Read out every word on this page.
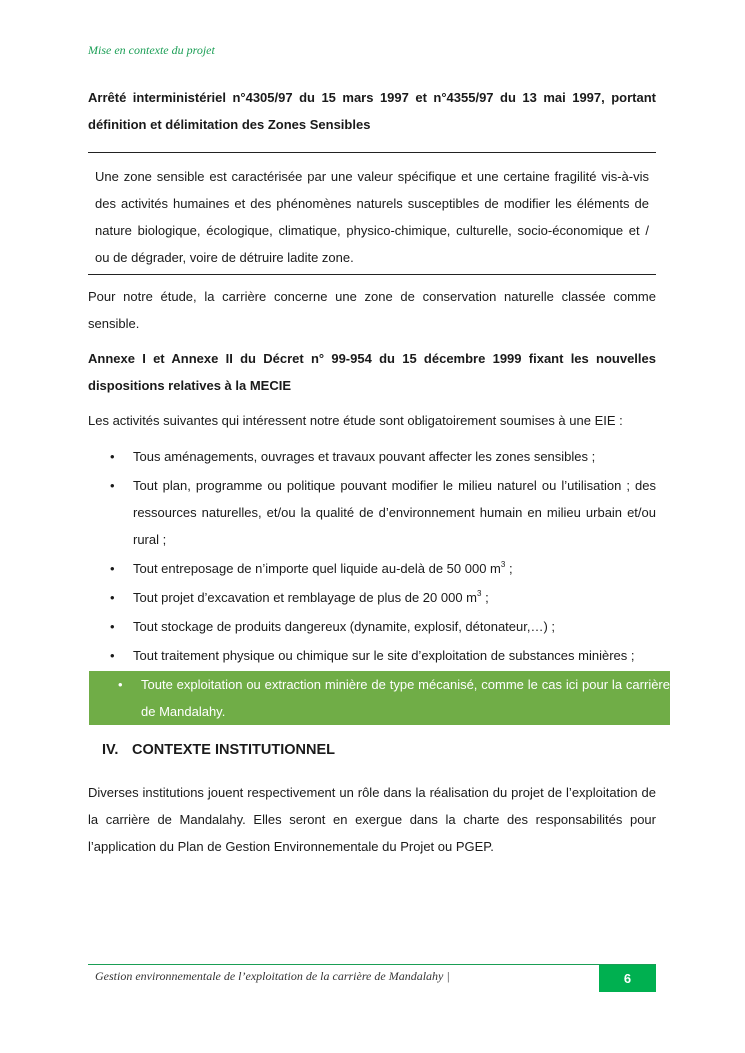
Mise en contexte du projet

Arrêté interministériel n°4305/97 du 15 mars 1997 et n°4355/97 du 13 mai 1997, portant définition et délimitation des Zones Sensibles

Une zone sensible est caractérisée par une valeur spécifique et une certaine fragilité vis-à-vis des activités humaines et des phénomènes naturels susceptibles de modifier les éléments de nature biologique, écologique, climatique, physico-chimique, culturelle, socio-économique et / ou de dégrader, voire de détruire ladite zone.

Pour notre étude, la carrière concerne une zone de conservation naturelle classée comme sensible.

Annexe I et Annexe II du Décret n° 99-954 du 15 décembre 1999 fixant les nouvelles dispositions relatives à la MECIE

Les activités suivantes qui intéressent notre étude sont obligatoirement soumises à une EIE :

• Tous aménagements, ouvrages et travaux pouvant affecter les zones sensibles ;
• Tout plan, programme ou politique pouvant modifier le milieu naturel ou l’utilisation ; des ressources naturelles, et/ou la qualité de d’environnement humain en milieu urbain et/ou rural ;
• Tout entreposage de n’importe quel liquide au-delà de 50 000 $m^3$ ;
• Tout projet d’excavation et remblayage de plus de 20 000 $m^3$ ;
• Tout stockage de produits dangereux (dynamite, explosif, détonateur,…) ;
• Tout traitement physique ou chimique sur le site d’exploitation de substances minières ;
• Toute exploitation ou extraction minière de type mécanisé, comme le cas ici pour la carrière de Mandalahy.
IV. CONTEXTE INSTITUTIONNEL

Diverses institutions jouent respectivement un rôle dans la réalisation du projet de l’exploitation de la carrière de Mandalahy. Elles seront en exergue dans la charte des responsabilités pour l’application du Plan de Gestion Environnementale du Projet ou PGEP.

Gestion environnementale de l’exploitation de la carrière de Mandalahy |	6
